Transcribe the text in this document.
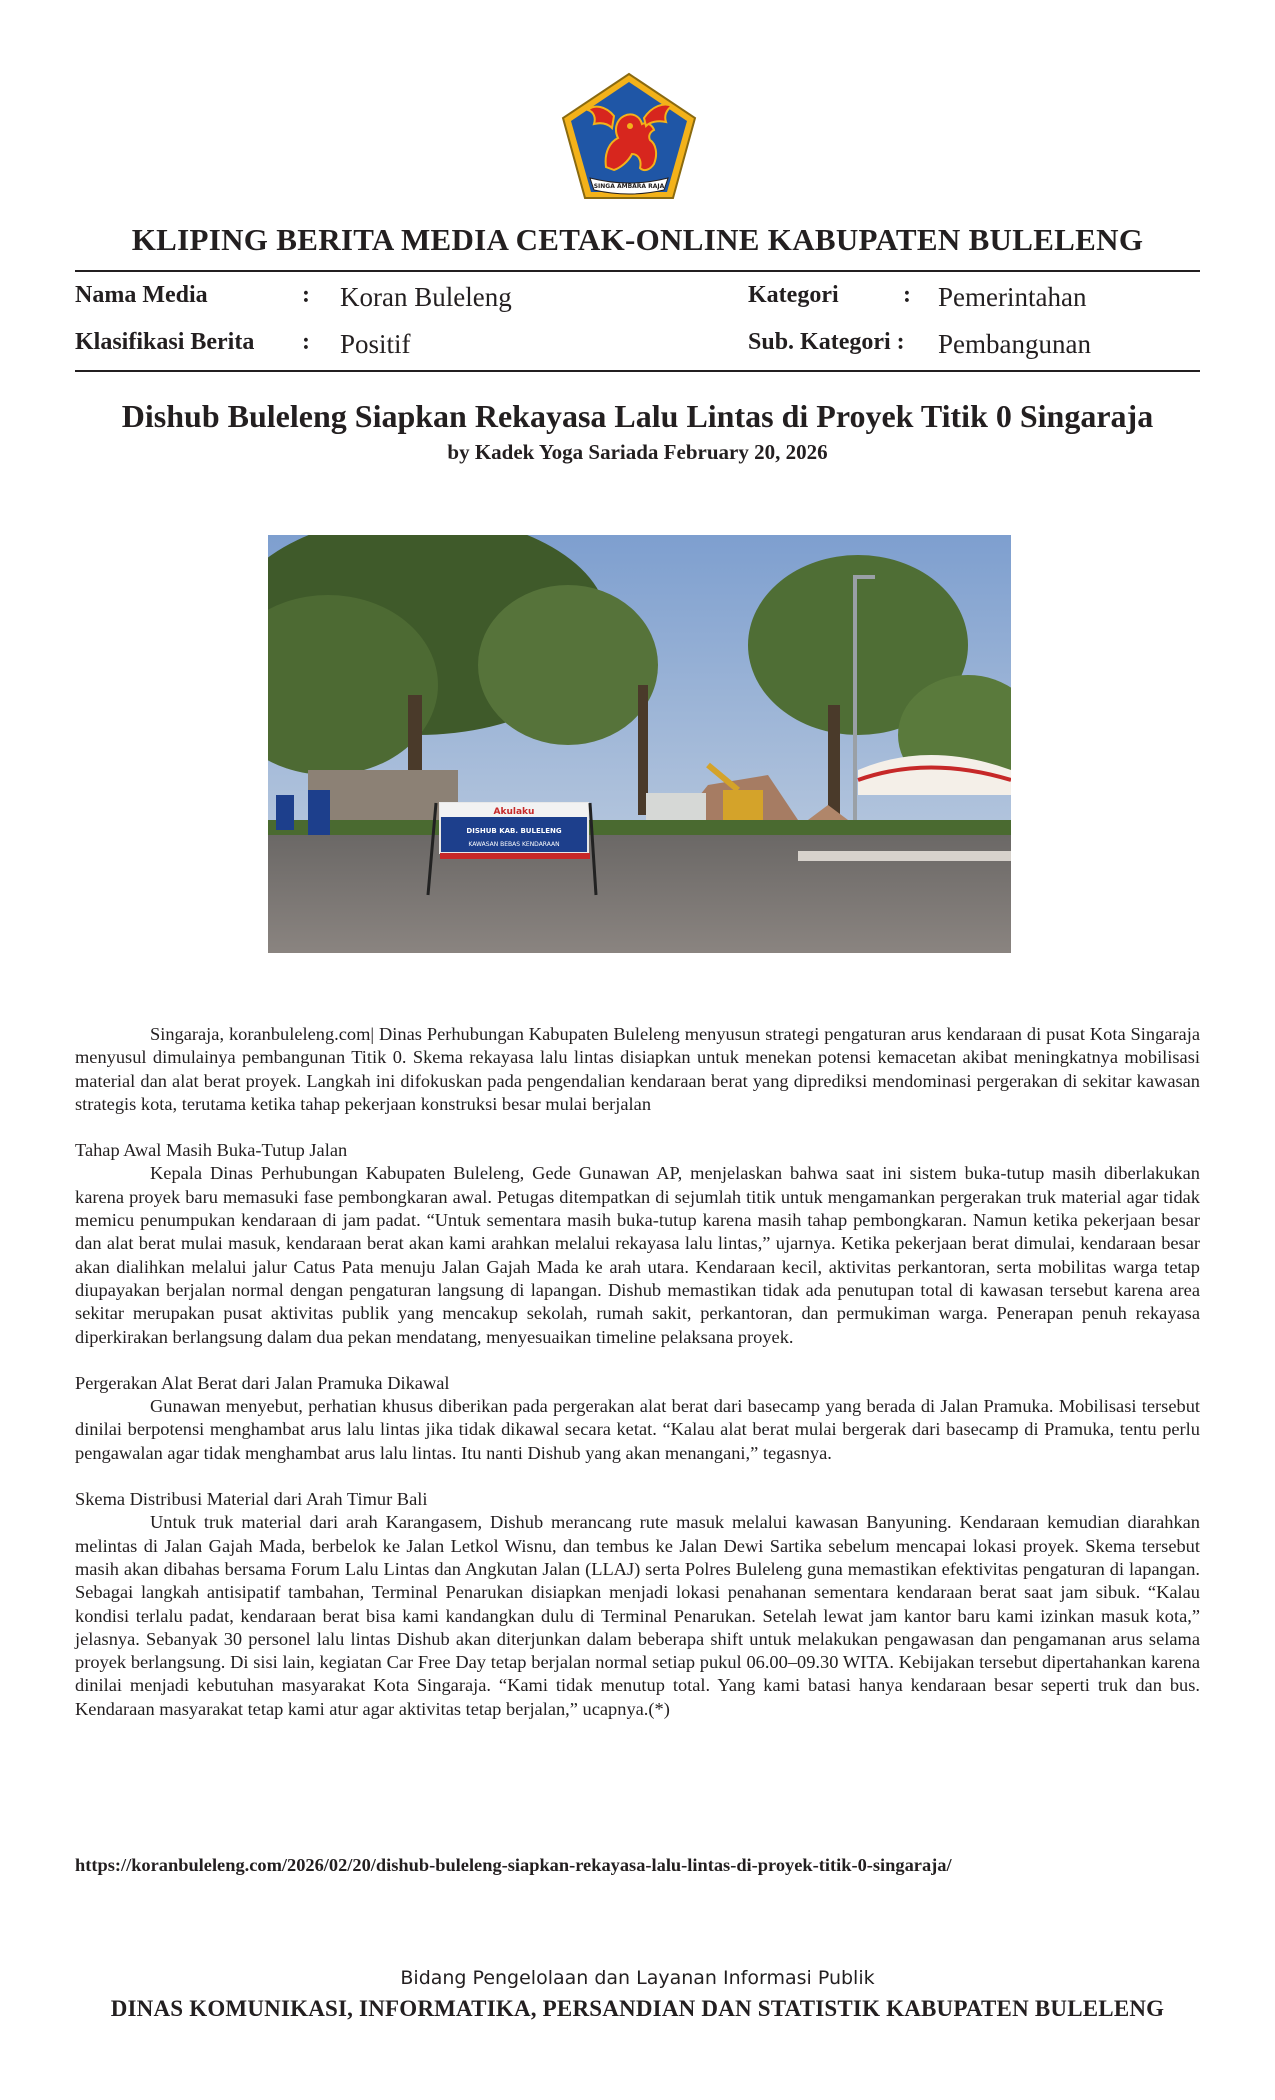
SINGA AMBARA RAJA
KLIPING BERITA MEDIA CETAK-ONLINE KABUPATEN BULELENG
Nama Media	: Koran Buleleng
Klasifikasi Berita : Positif
Kategori	: Pemerintahan
Sub. Kategori : Pembangunan
Dishub Buleleng Siapkan Rekayasa Lalu Lintas di Proyek Titik 0 Singaraja
by Kadek Yoga Sariada February 20, 2026
Akulaku
DISHUB KAB. BULELENG
KAWASAN BEBAS KENDARAAN

Singaraja, koranbuleleng.com| Dinas Perhubungan Kabupaten Buleleng menyusun strategi pengaturan arus kendaraan di pusat Kota Singaraja menyusul dimulainya pembangunan Titik 0. Skema rekayasa lalu lintas disiapkan untuk menekan potensi kemacetan akibat meningkatnya mobilisasi material dan alat berat proyek. Langkah ini difokuskan pada pengendalian kendaraan berat yang diprediksi mendominasi pergerakan di sekitar kawasan strategis kota, terutama ketika tahap pekerjaan konstruksi besar mulai berjalan

Tahap Awal Masih Buka-Tutup Jalan

Kepala Dinas Perhubungan Kabupaten Buleleng, Gede Gunawan AP, menjelaskan bahwa saat ini sistem buka-tutup masih diberlakukan karena proyek baru memasuki fase pembongkaran awal. Petugas ditempatkan di sejumlah titik untuk mengamankan pergerakan truk material agar tidak memicu penumpukan kendaraan di jam padat. “Untuk sementara masih buka-tutup karena masih tahap pembongkaran. Namun ketika pekerjaan besar dan alat berat mulai masuk, kendaraan berat akan kami arahkan melalui rekayasa lalu lintas,” ujarnya. Ketika pekerjaan berat dimulai, kendaraan besar akan dialihkan melalui jalur Catus Pata menuju Jalan Gajah Mada ke arah utara. Kendaraan kecil, aktivitas perkantoran, serta mobilitas warga tetap diupayakan berjalan normal dengan pengaturan langsung di lapangan. Dishub memastikan tidak ada penutupan total di kawasan tersebut karena area sekitar merupakan pusat aktivitas publik yang mencakup sekolah, rumah sakit, perkantoran, dan permukiman warga. Penerapan penuh rekayasa diperkirakan berlangsung dalam dua pekan mendatang, menyesuaikan timeline pelaksana proyek.

Pergerakan Alat Berat dari Jalan Pramuka Dikawal

Gunawan menyebut, perhatian khusus diberikan pada pergerakan alat berat dari basecamp yang berada di Jalan Pramuka. Mobilisasi tersebut dinilai berpotensi menghambat arus lalu lintas jika tidak dikawal secara ketat. “Kalau alat berat mulai bergerak dari basecamp di Pramuka, tentu perlu pengawalan agar tidak menghambat arus lalu lintas. Itu nanti Dishub yang akan menangani,” tegasnya.

Skema Distribusi Material dari Arah Timur Bali

Untuk truk material dari arah Karangasem, Dishub merancang rute masuk melalui kawasan Banyuning. Kendaraan kemudian diarahkan melintas di Jalan Gajah Mada, berbelok ke Jalan Letkol Wisnu, dan tembus ke Jalan Dewi Sartika sebelum mencapai lokasi proyek. Skema tersebut masih akan dibahas bersama Forum Lalu Lintas dan Angkutan Jalan (LLAJ) serta Polres Buleleng guna memastikan efektivitas pengaturan di lapangan. Sebagai langkah antisipatif tambahan, Terminal Penarukan disiapkan menjadi lokasi penahanan sementara kendaraan berat saat jam sibuk. “Kalau kondisi terlalu padat, kendaraan berat bisa kami kandangkan dulu di Terminal Penarukan. Setelah lewat jam kantor baru kami izinkan masuk kota,” jelasnya. Sebanyak 30 personel lalu lintas Dishub akan diterjunkan dalam beberapa shift untuk melakukan pengawasan dan pengamanan arus selama proyek berlangsung. Di sisi lain, kegiatan Car Free Day tetap berjalan normal setiap pukul 06.00–09.30 WITA. Kebijakan tersebut dipertahankan karena dinilai menjadi kebutuhan masyarakat Kota Singaraja. “Kami tidak menutup total. Yang kami batasi hanya kendaraan besar seperti truk dan bus. Kendaraan masyarakat tetap kami atur agar aktivitas tetap berjalan,” ucapnya.(*)

https://koranbuleleng.com/2026/02/20/dishub-buleleng-siapkan-rekayasa-lalu-lintas-di-proyek-titik-0-singaraja/
Bidang Pengelolaan dan Layanan Informasi Publik
DINAS KOMUNIKASI, INFORMATIKA, PERSANDIAN DAN STATISTIK KABUPATEN BULELENG
